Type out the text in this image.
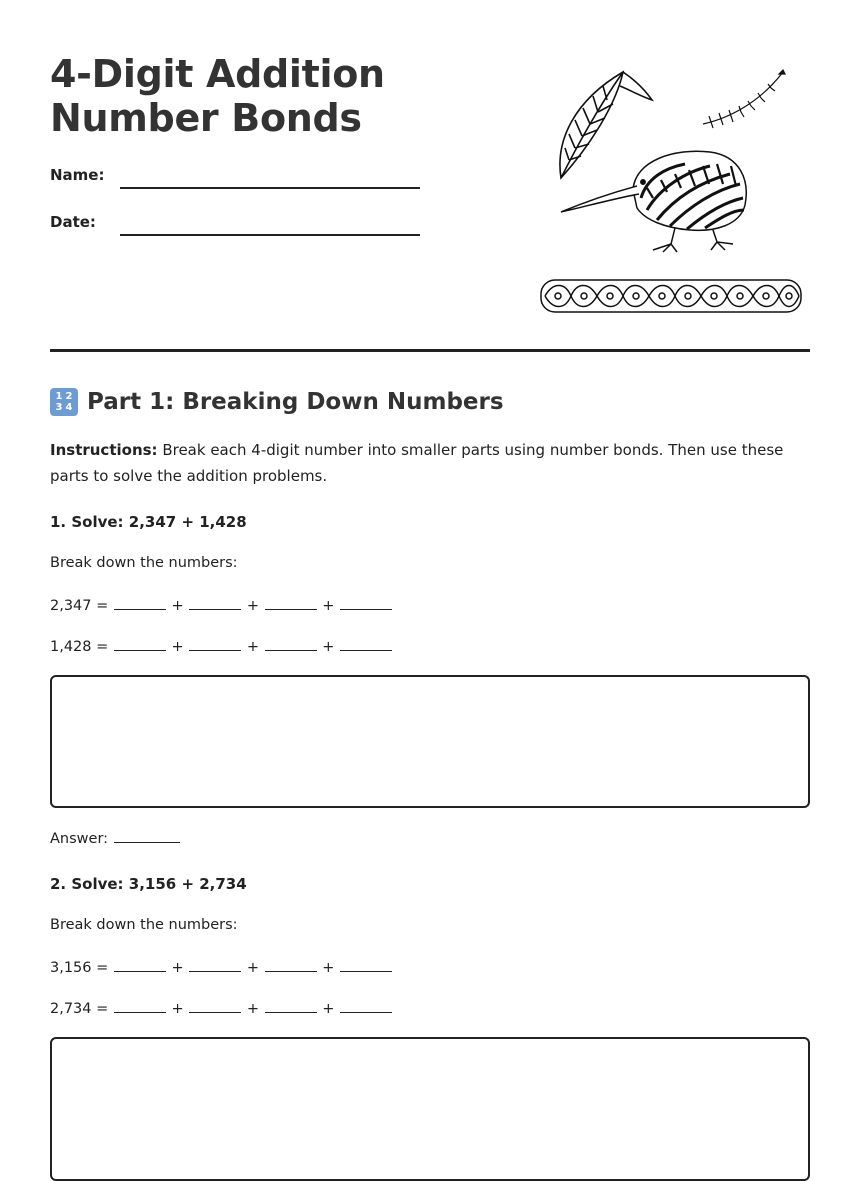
4-Digit Addition
Number Bonds
Name:
Date:
1 2
3 4 Part 1: Breaking Down Numbers

Instructions: Break each 4-digit number into smaller parts using number bonds. Then use these parts to solve the addition problems.

1. Solve: 2,347 + 1,428

Break down the numbers:

2,347 =	+	+	+

1,428 =	+	+	+

Answer:

2. Solve: 3,156 + 2,734

Break down the numbers:

3,156 =	+	+	+

2,734 =	+	+	+
